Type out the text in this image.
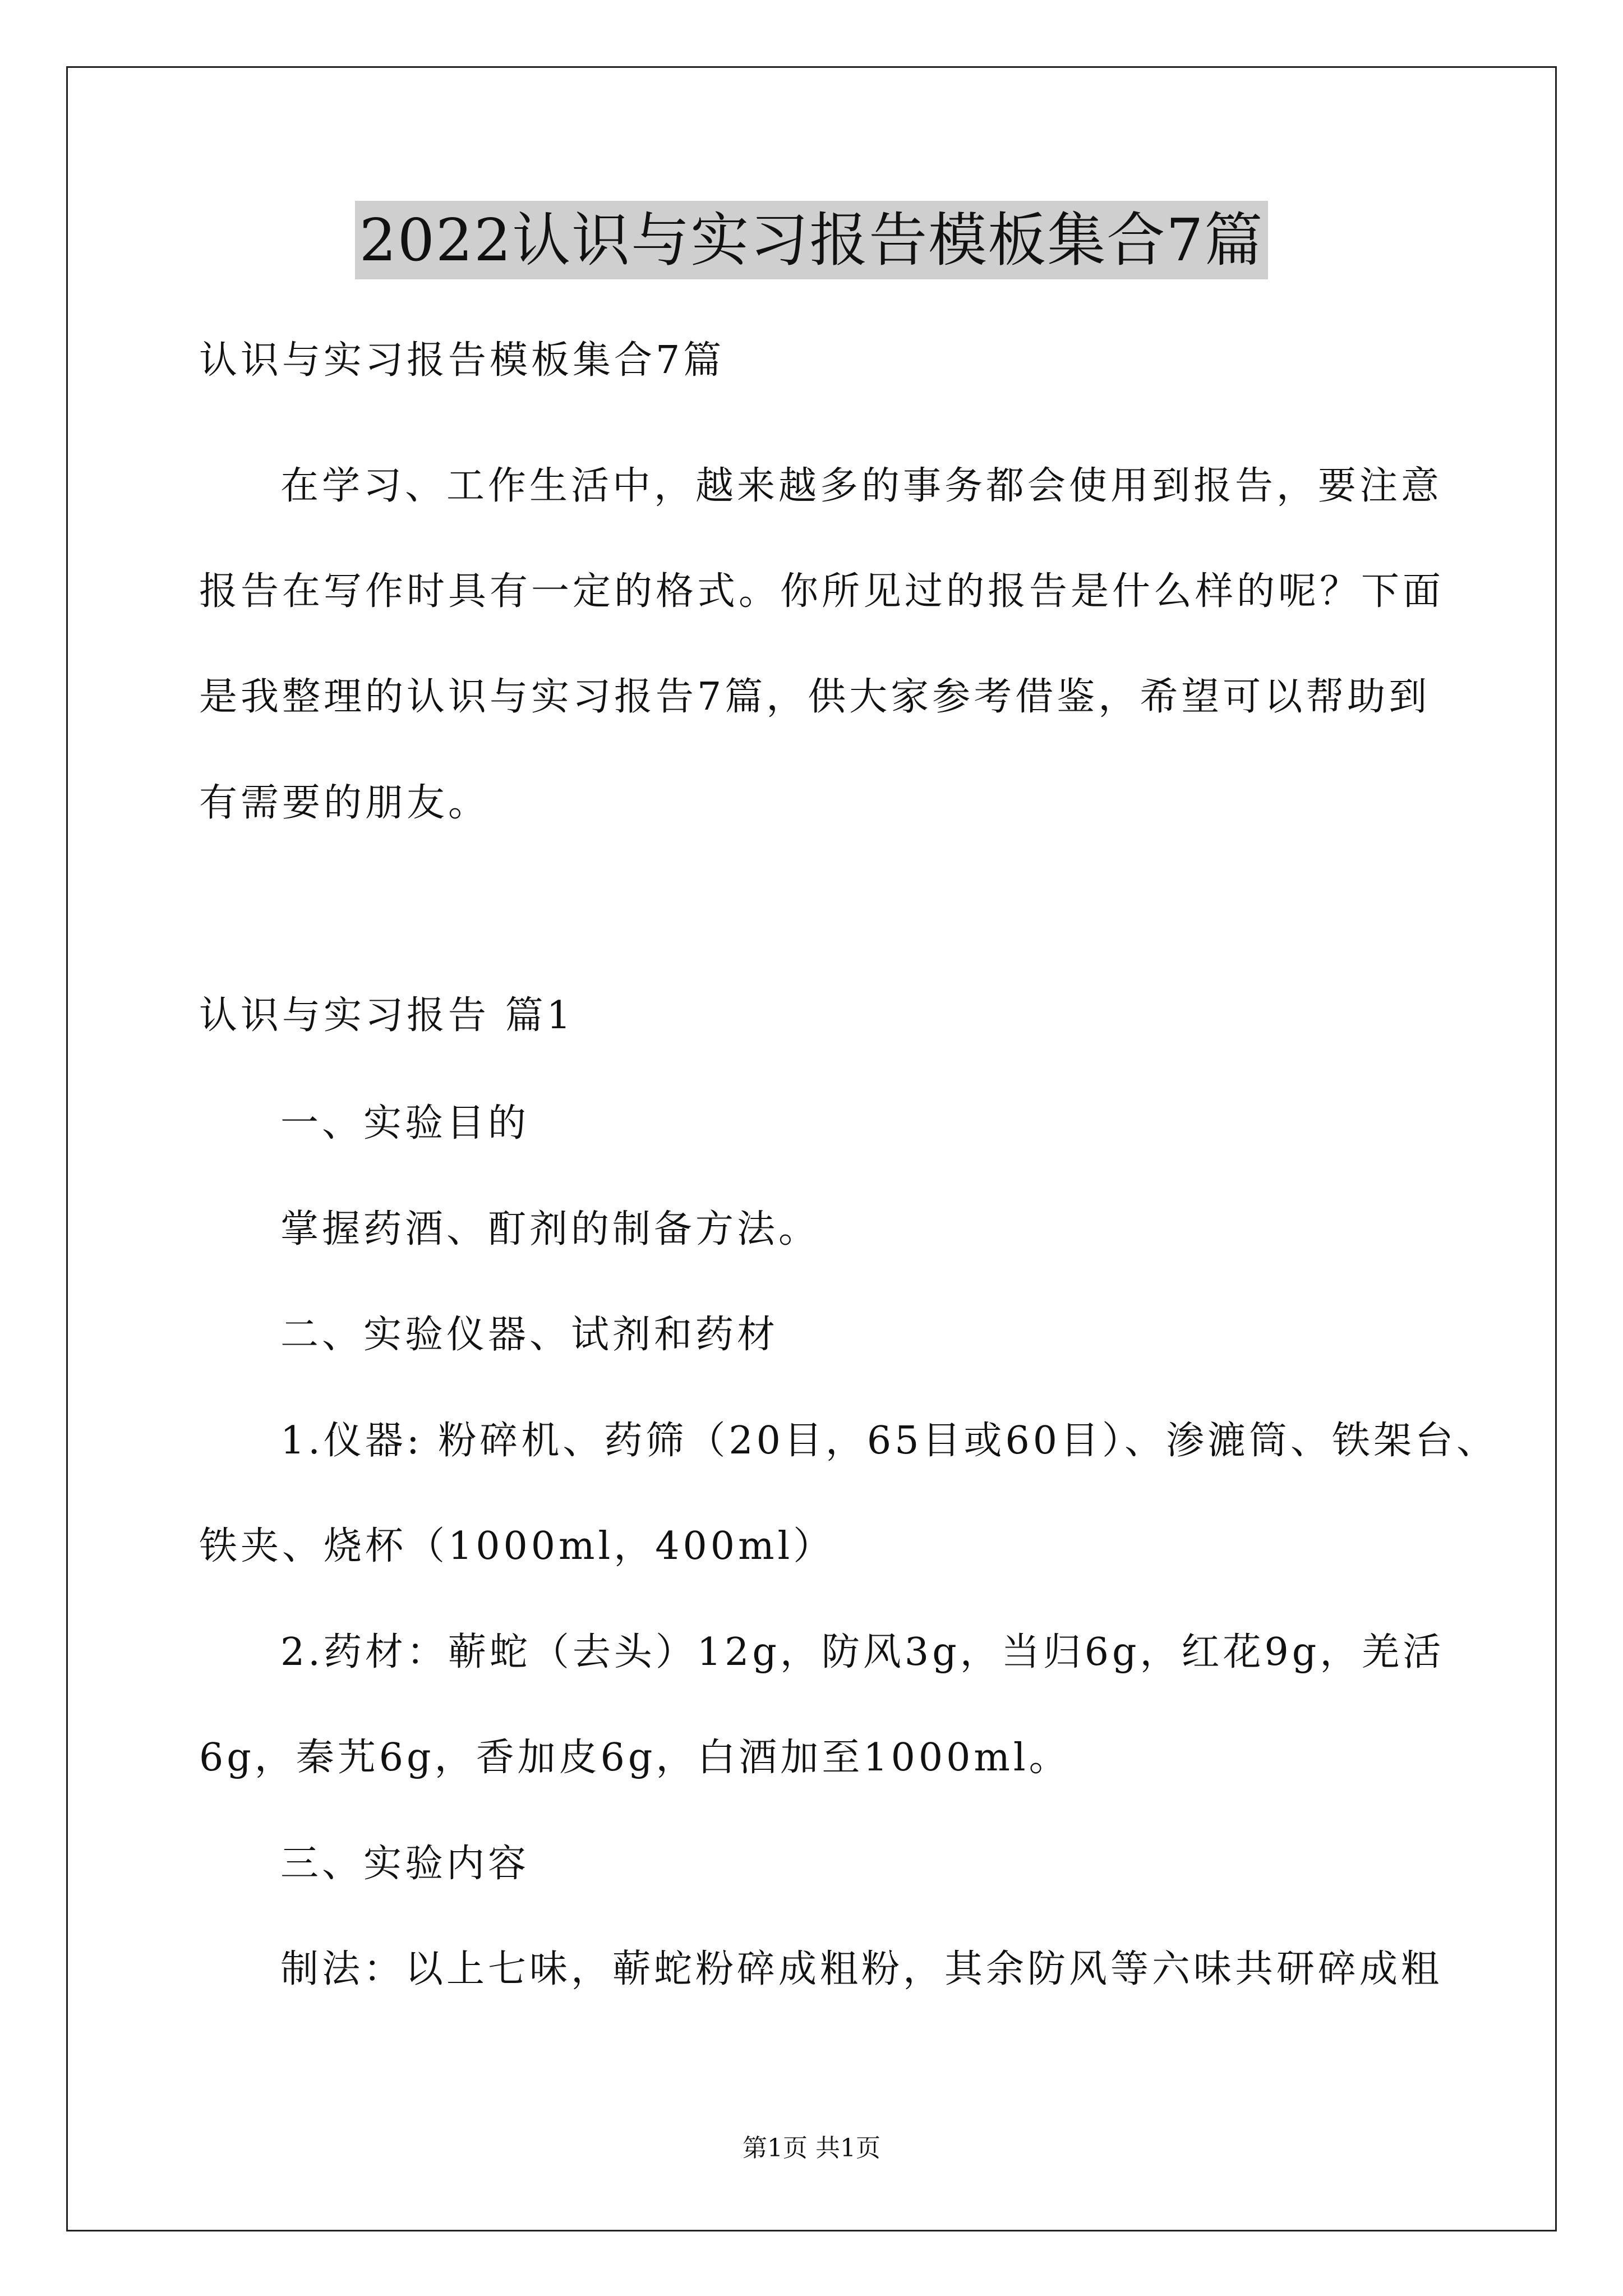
2022认识与实习报告模板集合7篇
认识与实习报告模板集合7篇
在学习、工作生活中，越来越多的事务都会使用到报告，要注意
报告在写作时具有一定的格式。你所见过的报告是什么样的呢？下面
是我整理的认识与实习报告7篇，供大家参考借鉴，希望可以帮助到
有需要的朋友。
认识与实习报告 篇1
一、实验目的
掌握药酒、酊剂的制备方法。
二、实验仪器、试剂和药材
1.仪器: 粉碎机、药筛（20目，65目或60目）、渗漉筒、铁架台、
铁夹、烧杯（1000ml，400ml）
2.药材：蕲蛇（去头）12g，防风3g，当归6g，红花9g，羌活
6g，秦艽6g，香加皮6g，白酒加至1000ml。
三、实验内容
制法：以上七味，蕲蛇粉碎成粗粉，其余防风等六味共研碎成粗
第1页 共1页
